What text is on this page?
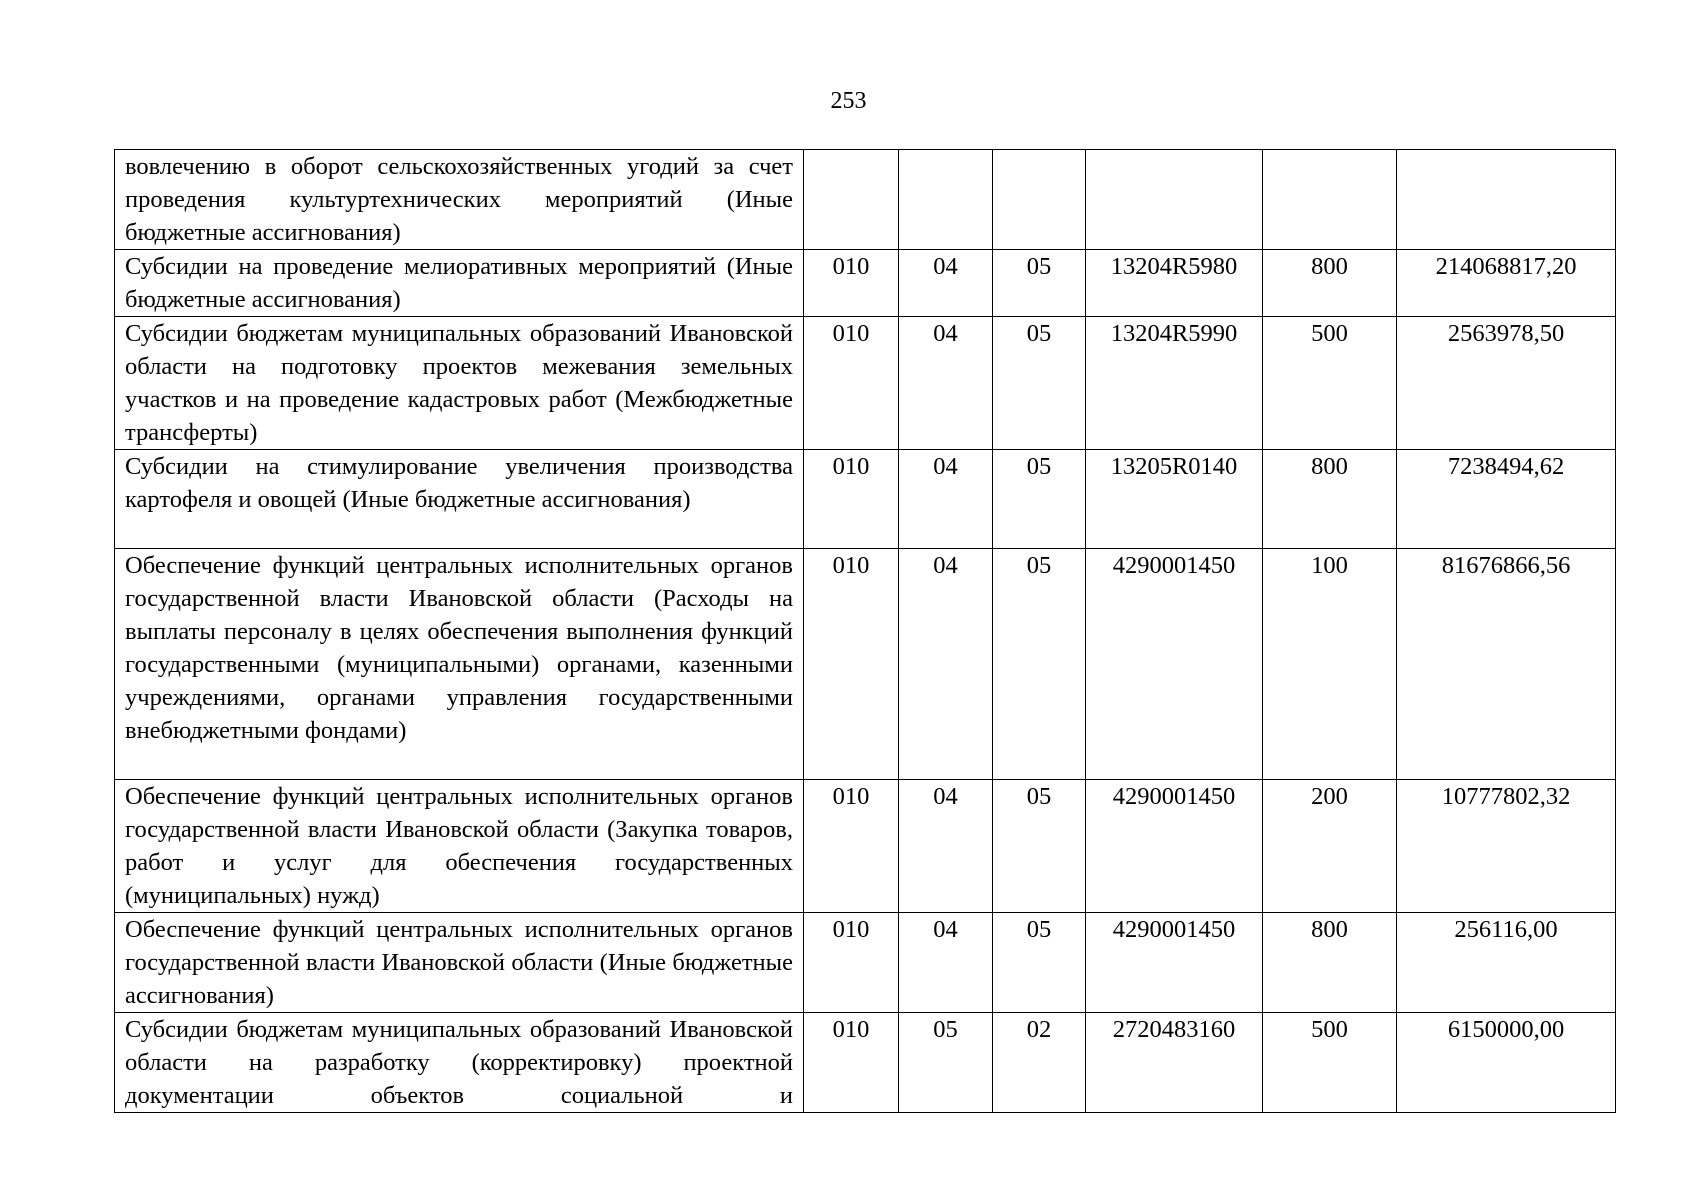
253
вовлечению в оборот сельскохозяйственных угодий за счет проведения культуртехнических мероприятий (Иные бюджетные ассигнования)						
Субсидии на проведение мелиоративных мероприятий (Иные бюджетные ассигнования)	010	04	05	13204R5980	800	214068817,20
Субсидии бюджетам муниципальных образований Ивановской области на подготовку проектов межевания земельных участков и на проведение кадастровых работ (Межбюджетные трансферты)	010	04	05	13204R5990	500	2563978,50
Субсидии на стимулирование увеличения производства картофеля и овощей (Иные бюджетные ассигнования)	010	04	05	13205R0140	800	7238494,62
Обеспечение функций центральных исполнительных органов государственной власти Ивановской области (Расходы на выплаты персоналу в целях обеспечения выполнения функций государственными (муниципальными) органами, казенными учреждениями, органами управления государственными внебюджетными фондами)	010	04	05	4290001450	100	81676866,56
Обеспечение функций центральных исполнительных органов государственной власти Ивановской области (Закупка товаров, работ и услуг для обеспечения государственных (муниципальных) нужд)	010	04	05	4290001450	200	10777802,32
Обеспечение функций центральных исполнительных органов государственной власти Ивановской области (Иные бюджетные ассигнования)	010	04	05	4290001450	800	256116,00
Субсидии бюджетам муниципальных образований Ивановской области на разработку (корректировку) проектной документации объектов социальной и	010	05	02	2720483160	500	6150000,00
